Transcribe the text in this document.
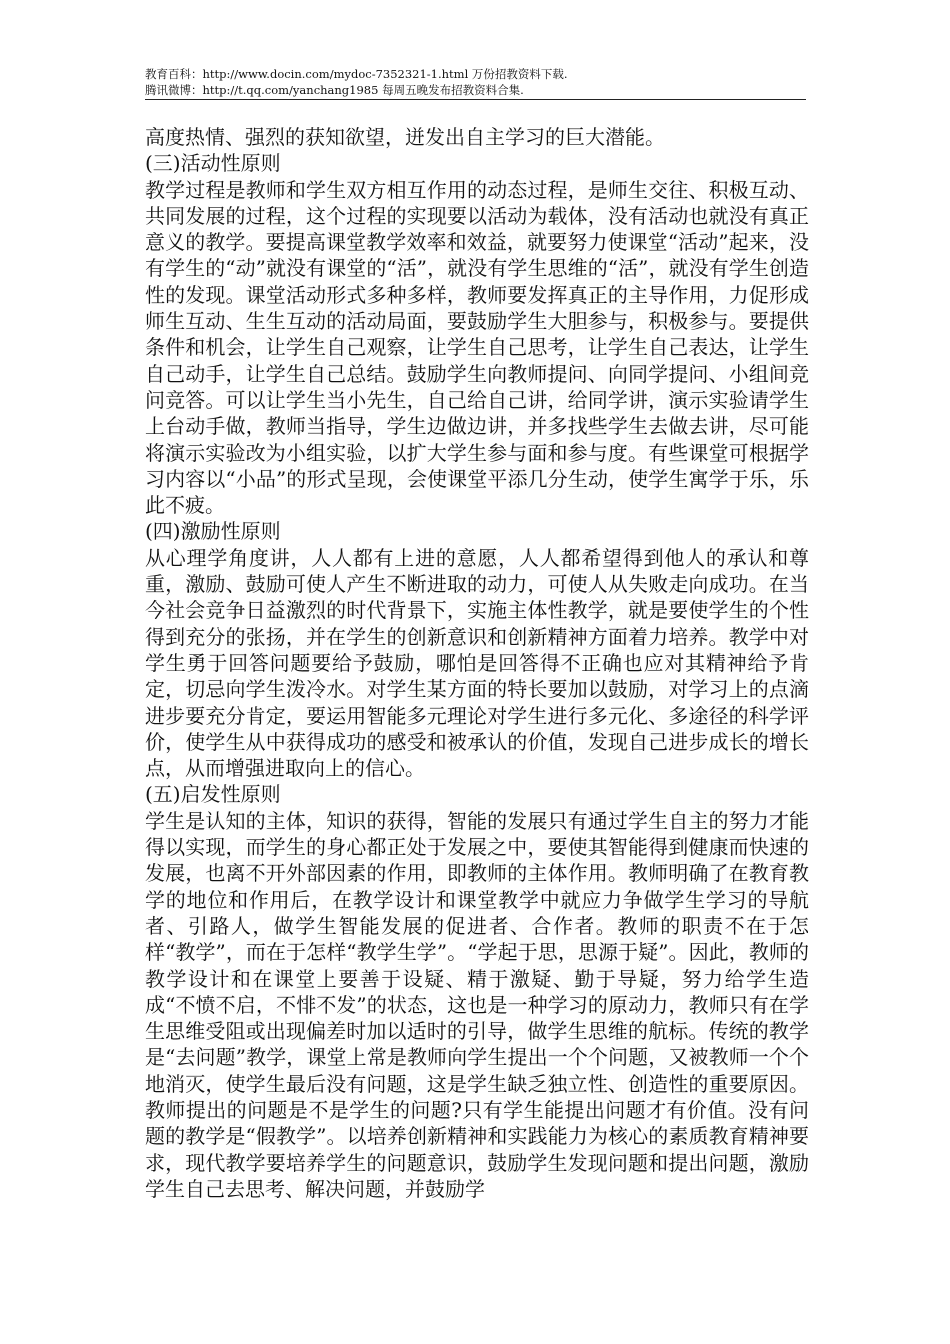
教育百科：http://www.docin.com/mydoc-7352321-1.html 万份招教资料下载.
腾讯微博：http://t.qq.com/yanchang1985 每周五晚发布招教资料合集.

高度热情、强烈的获知欲望，迸发出自主学习的巨大潜能。

(三)活动性原则

教学过程是教师和学生双方相互作用的动态过程，是师生交往、积极互动、共同发展的过程，这个过程的实现要以活动为载体，没有活动也就没有真正意义的教学。要提高课堂教学效率和效益，就要努力使课堂“活动”起来，没有学生的“动”就没有课堂的“活”，就没有学生思维的“活”，就没有学生创造性的发现。课堂活动形式多种多样，教师要发挥真正的主导作用，力促形成师生互动、生生互动的活动局面，要鼓励学生大胆参与，积极参与。要提供条件和机会，让学生自己观察，让学生自己思考，让学生自己表达，让学生自己动手，让学生自己总结。鼓励学生向教师提问、向同学提问、小组间竞问竞答。可以让学生当小先生，自己给自己讲，给同学讲，演示实验请学生上台动手做，教师当指导，学生边做边讲，并多找些学生去做去讲，尽可能将演示实验改为小组实验，以扩大学生参与面和参与度。有些课堂可根据学习内容以“小品”的形式呈现，会使课堂平添几分生动，使学生寓学于乐，乐此不疲。

(四)激励性原则

从心理学角度讲，人人都有上进的意愿，人人都希望得到他人的承认和尊重，激励、鼓励可使人产生不断进取的动力，可使人从失败走向成功。在当今社会竞争日益激烈的时代背景下，实施主体性教学，就是要使学生的个性得到充分的张扬，并在学生的创新意识和创新精神方面着力培养。教学中对学生勇于回答问题要给予鼓励，哪怕是回答得不正确也应对其精神给予肯定，切忌向学生泼冷水。对学生某方面的特长要加以鼓励，对学习上的点滴进步要充分肯定，要运用智能多元理论对学生进行多元化、多途径的科学评价，使学生从中获得成功的感受和被承认的价值，发现自己进步成长的增长点，从而增强进取向上的信心。

(五)启发性原则

学生是认知的主体，知识的获得，智能的发展只有通过学生自主的努力才能得以实现，而学生的身心都正处于发展之中，要使其智能得到健康而快速的发展，也离不开外部因素的作用，即教师的主体作用。教师明确了在教育教学的地位和作用后，在教学设计和课堂教学中就应力争做学生学习的导航者、引路人，做学生智能发展的促进者、合作者。教师的职责不在于怎样“教学”，而在于怎样“教学生学”。“学起于思，思源于疑”。因此，教师的教学设计和在课堂上要善于设疑、精于激疑、勤于导疑，努力给学生造成“不愤不启，不悱不发”的状态，这也是一种学习的原动力，教师只有在学生思维受阻或出现偏差时加以适时的引导，做学生思维的航标。传统的教学是“去问题”教学，课堂上常是教师向学生提出一个个问题，又被教师一个个地消灭，使学生最后没有问题，这是学生缺乏独立性、创造性的重要原因。教师提出的问题是不是学生的问题?只有学生能提出问题才有价值。没有问题的教学是“假教学”。以培养创新精神和实践能力为核心的素质教育精神要求，现代教学要培养学生的问题意识，鼓励学生发现问题和提出问题，激励学生自己去思考、解决问题，并鼓励学
